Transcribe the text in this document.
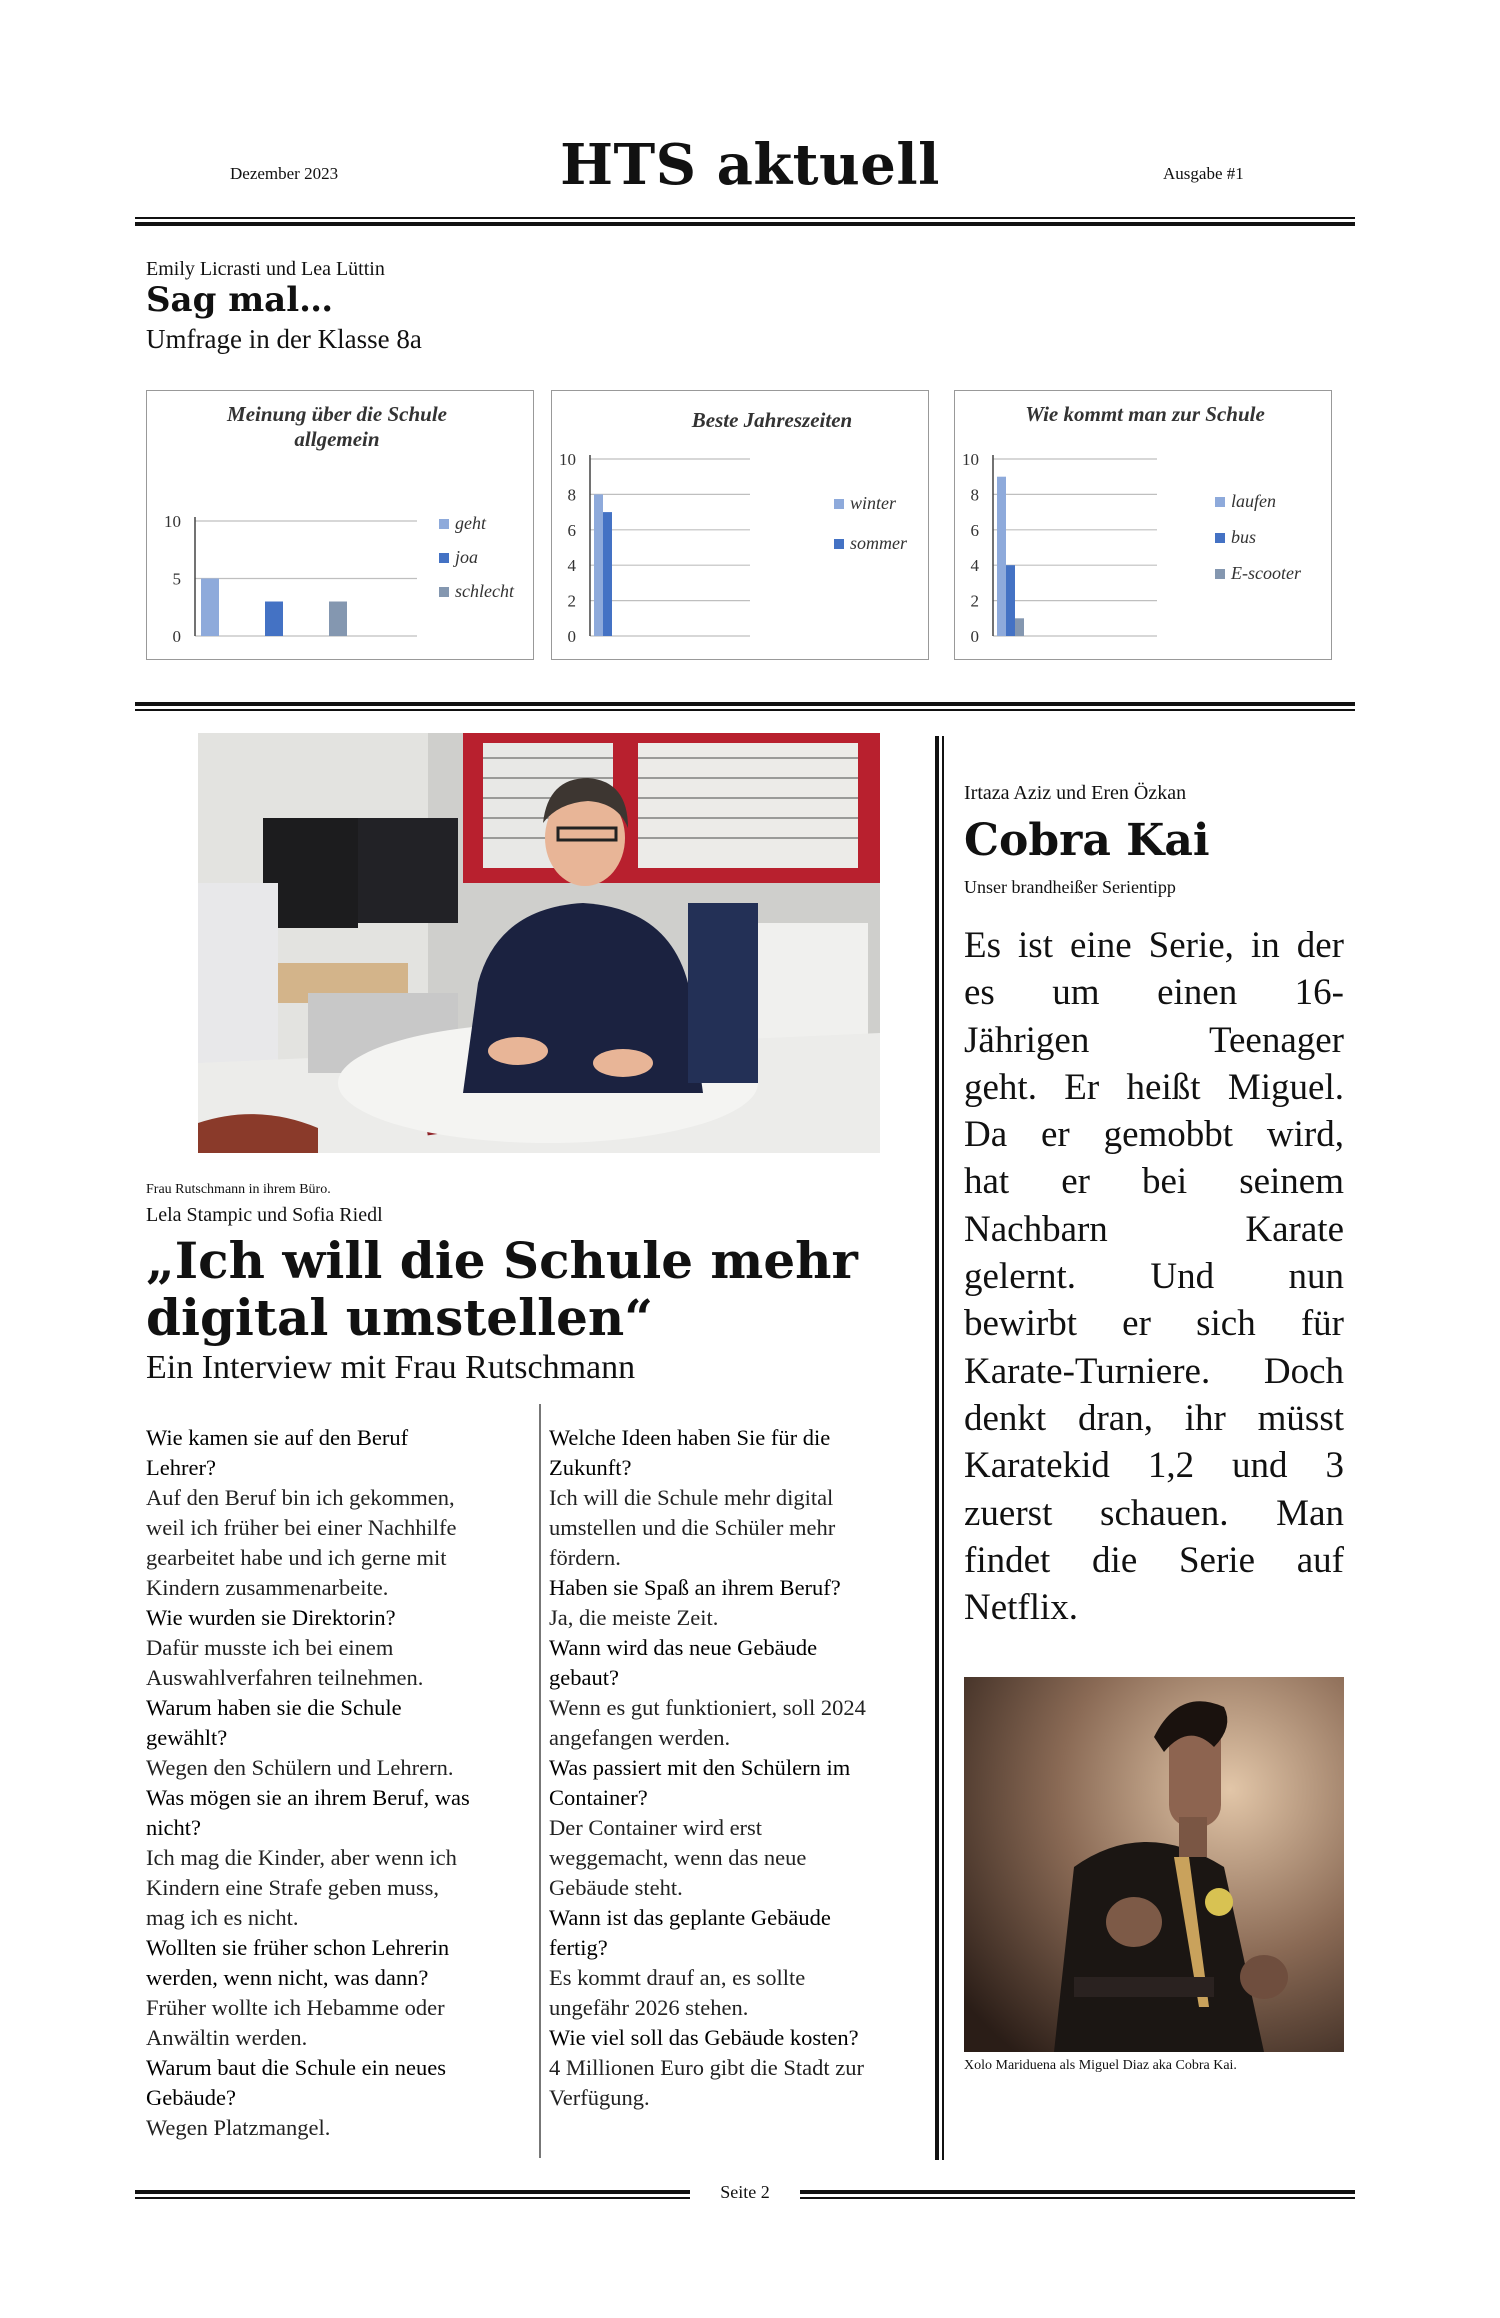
Dezember 2023	HTS aktuell	Ausgabe #1
Emily Licrasti und Lea Lüttin
Sag mal…
Umfrage in der Klasse 8a
Meinung über die Schule
allgemein
0
5
10	geht
joa
schlecht
Beste Jahreszeiten
0
2
4
6
8
10
winter
sommer
Wie kommt man zur Schule
0
2
4
6
8
10
laufen
bus
E-scooter
Frau Rutschmann in ihrem Büro.
Lela Stampic und Sofia Riedl
„Ich will die Schule mehr
digital umstellen“
Ein Interview mit Frau Rutschmann
Wie kamen sie auf den Beruf
Lehrer?
Auf den Beruf bin ich gekommen,
weil ich früher bei einer Nachhilfe
gearbeitet habe und ich gerne mit
Kindern zusammenarbeite.
Wie wurden sie Direktorin?
Dafür musste ich bei einem
Auswahlverfahren teilnehmen.
Warum haben sie die Schule
gewählt?
Wegen den Schülern und Lehrern.
Was mögen sie an ihrem Beruf, was
nicht?
Ich mag die Kinder, aber wenn ich
Kindern eine Strafe geben muss,
mag ich es nicht.
Wollten sie früher schon Lehrerin
werden, wenn nicht, was dann?
Früher wollte ich Hebamme oder
Anwältin werden.
Warum baut die Schule ein neues
Gebäude?
Wegen Platzmangel.
Welche Ideen haben Sie für die
Zukunft?
Ich will die Schule mehr digital
umstellen und die Schüler mehr
fördern.
Haben sie Spaß an ihrem Beruf?
Ja, die meiste Zeit.
Wann wird das neue Gebäude
gebaut?
Wenn es gut funktioniert, soll 2024
angefangen werden.
Was passiert mit den Schülern im
Container?
Der Container wird erst
weggemacht, wenn das neue
Gebäude steht.
Wann ist das geplante Gebäude
fertig?
Es kommt drauf an, es sollte
ungefähr 2026 stehen.
Wie viel soll das Gebäude kosten?
4 Millionen Euro gibt die Stadt zur
Verfügung.
Irtaza Aziz und Eren Özkan
Cobra Kai
Unser brandheißer Serientipp
Es ist eine Serie, in der
es um einen 16-
Jährigen Teenager
geht. Er heißt Miguel.
Da er gemobbt wird,
hat er bei seinem
Nachbarn Karate
gelernt. Und nun
bewirbt er sich für
Karate-Turniere. Doch
denkt dran, ihr müsst
Karatekid 1,2 und 3
zuerst schauen. Man
findet die Serie auf
Netflix.
Xolo Mariduena als Miguel Diaz aka Cobra Kai.
Seite 2
